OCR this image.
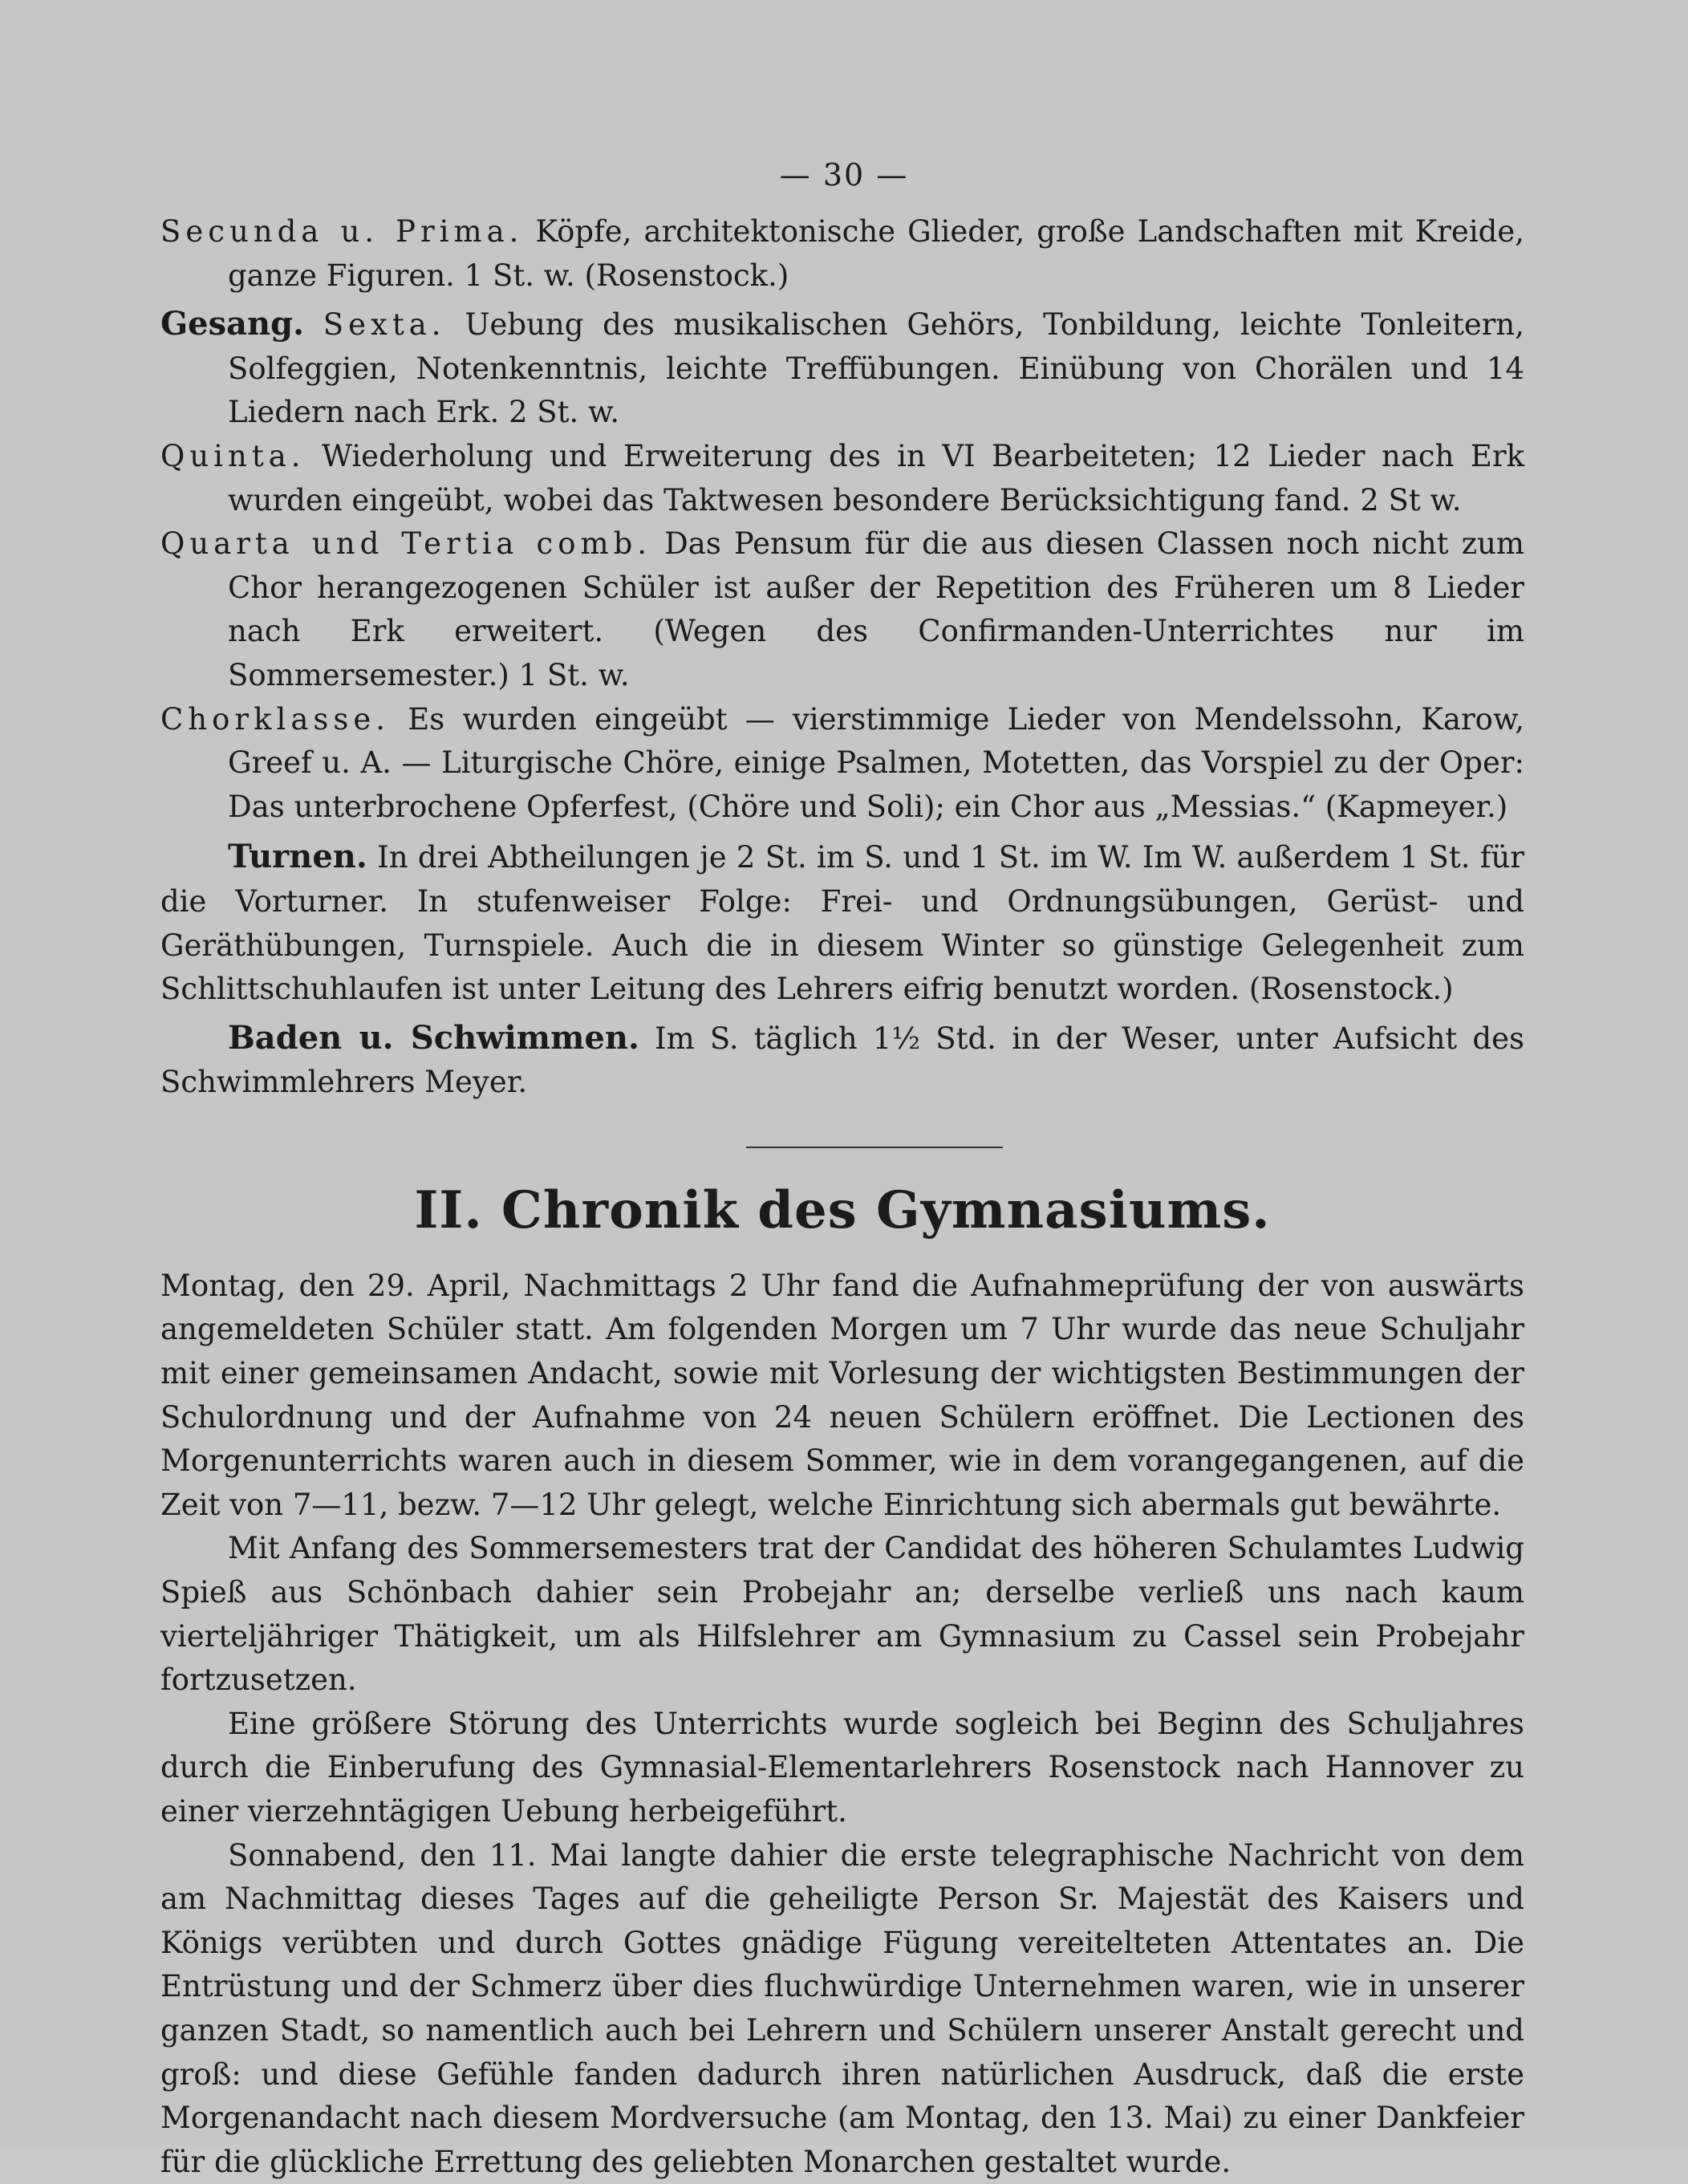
— 30 —

Secunda u. Prima. Köpfe, architektonische Glieder, große Landschaften mit Kreide, ganze Figuren. 1 St. w. (Rosenstock.)

Gesang. Sexta. Uebung des musikalischen Gehörs, Tonbildung, leichte Tonleitern, Solfeggien, Notenkenntnis, leichte Treffübungen. Einübung von Chorälen und 14 Liedern nach Erk. 2 St. w.

Quinta. Wiederholung und Erweiterung des in VI Bearbeiteten; 12 Lieder nach Erk wurden eingeübt, wobei das Taktwesen besondere Berücksichtigung fand. 2 St w.

Quarta und Tertia comb. Das Pensum für die aus diesen Classen noch nicht zum Chor herangezogenen Schüler ist außer der Repetition des Früheren um 8 Lieder nach Erk erweitert. (Wegen des Confirmanden-Unterrichtes nur im Sommersemester.) 1 St. w.

Chorklasse. Es wurden eingeübt — vierstimmige Lieder von Mendelssohn, Karow, Greef u. A. — Liturgische Chöre, einige Psalmen, Motetten, das Vorspiel zu der Oper: Das unterbrochene Opferfest, (Chöre und Soli); ein Chor aus „Messias.“ (Kapmeyer.)

Turnen. In drei Abtheilungen je 2 St. im S. und 1 St. im W. Im W. außerdem 1 St. für die Vorturner. In stufenweiser Folge: Frei- und Ordnungsübungen, Gerüst- und Geräthübungen, Turnspiele. Auch die in diesem Winter so günstige Gelegenheit zum Schlittschuhlaufen ist unter Leitung des Lehrers eifrig benutzt worden. (Rosenstock.)

Baden u. Schwimmen. Im S. täglich 1½ Std. in der Weser, unter Aufsicht des Schwimmlehrers Meyer.

II. Chronik des Gymnasiums.

Montag, den 29. April, Nachmittags 2 Uhr fand die Aufnahmeprüfung der von auswärts angemeldeten Schüler statt. Am folgenden Morgen um 7 Uhr wurde das neue Schuljahr mit einer gemeinsamen Andacht, sowie mit Vorlesung der wichtigsten Bestimmungen der Schulordnung und der Aufnahme von 24 neuen Schülern eröffnet. Die Lectionen des Morgenunterrichts waren auch in diesem Sommer, wie in dem vorangegangenen, auf die Zeit von 7—11, bezw. 7—12 Uhr gelegt, welche Einrichtung sich abermals gut bewährte.

Mit Anfang des Sommersemesters trat der Candidat des höheren Schulamtes Ludwig Spieß aus Schönbach dahier sein Probejahr an; derselbe verließ uns nach kaum vierteljähriger Thätigkeit, um als Hilfslehrer am Gymnasium zu Cassel sein Probejahr fortzusetzen.

Eine größere Störung des Unterrichts wurde sogleich bei Beginn des Schuljahres durch die Einberufung des Gymnasial-Elementarlehrers Rosenstock nach Hannover zu einer vierzehntägigen Uebung herbeigeführt.

Sonnabend, den 11. Mai langte dahier die erste telegraphische Nachricht von dem am Nachmittag dieses Tages auf die geheiligte Person Sr. Majestät des Kaisers und Königs verübten und durch Gottes gnädige Fügung vereitelteten Attentates an. Die Entrüstung und der Schmerz über dies fluchwürdige Unternehmen waren, wie in unserer ganzen Stadt, so namentlich auch bei Lehrern und Schülern unserer Anstalt gerecht und groß: und diese Gefühle fanden dadurch ihren natürlichen Ausdruck, daß die erste Morgenandacht nach diesem Mordversuche (am Montag, den 13. Mai) zu einer Dankfeier für die glückliche Errettung des geliebten Monarchen gestaltet wurde.
